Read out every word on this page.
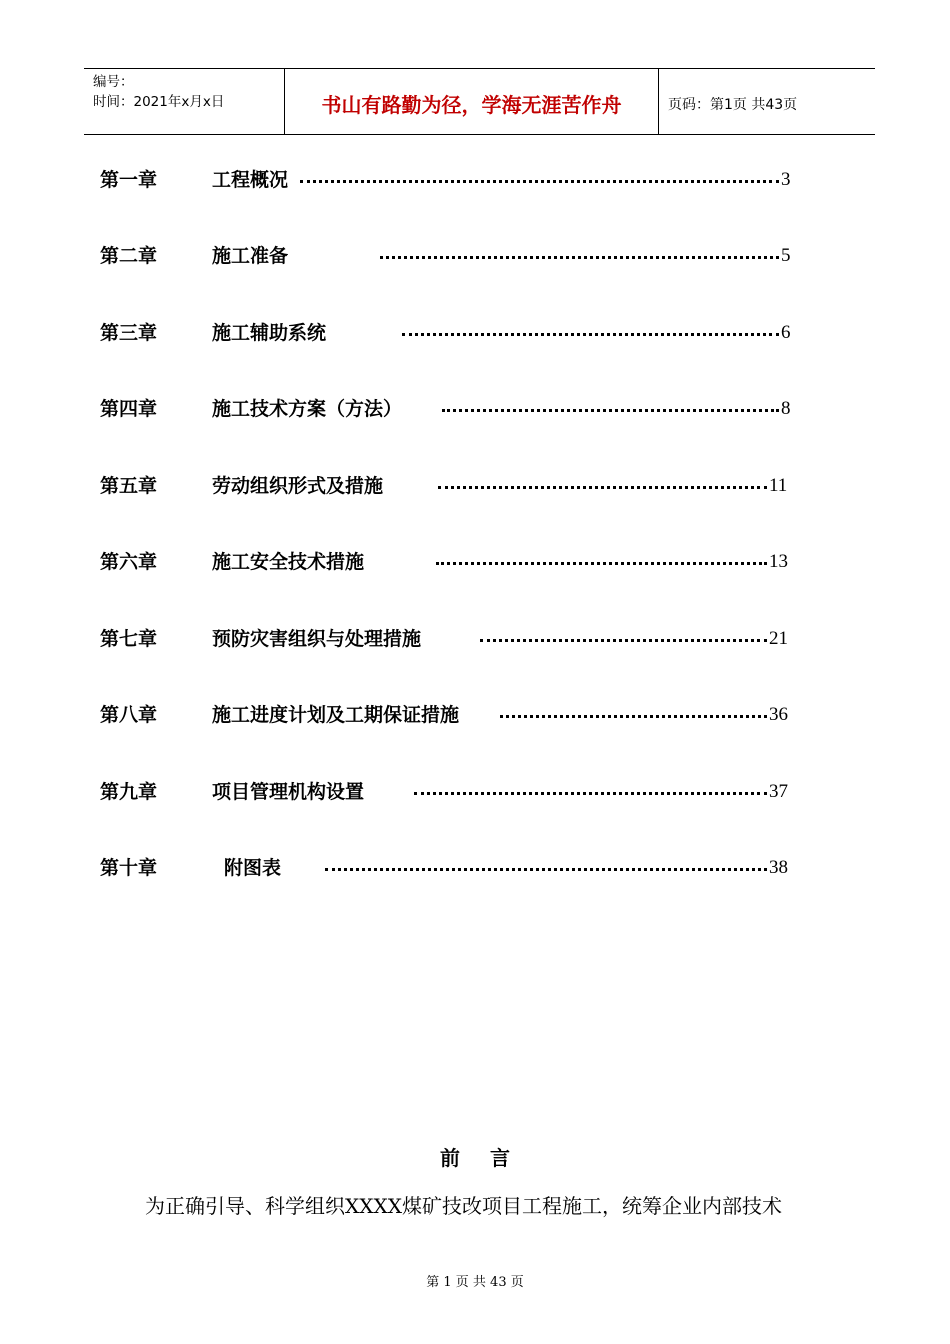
编号：
时间：2021年x月x日	书山有路勤为径，学海无涯苦作舟	页码：第1页 共43页
第一章	工程概况	3
第二章	施工准备	5
第三章	施工辅助系统	6
第四章	施工技术方案（方法）	8
第五章	劳动组织形式及措施	11
第六章	施工安全技术措施	13
第七章	预防灾害组织与处理措施	21
第八章	施工进度计划及工期保证措施	36
第九章	项目管理机构设置	37
第十章	附图表	38
前言
为正确引导、科学组织XXXX煤矿技改项目工程施工，统筹企业内部技术
第 1 页 共 43 页
